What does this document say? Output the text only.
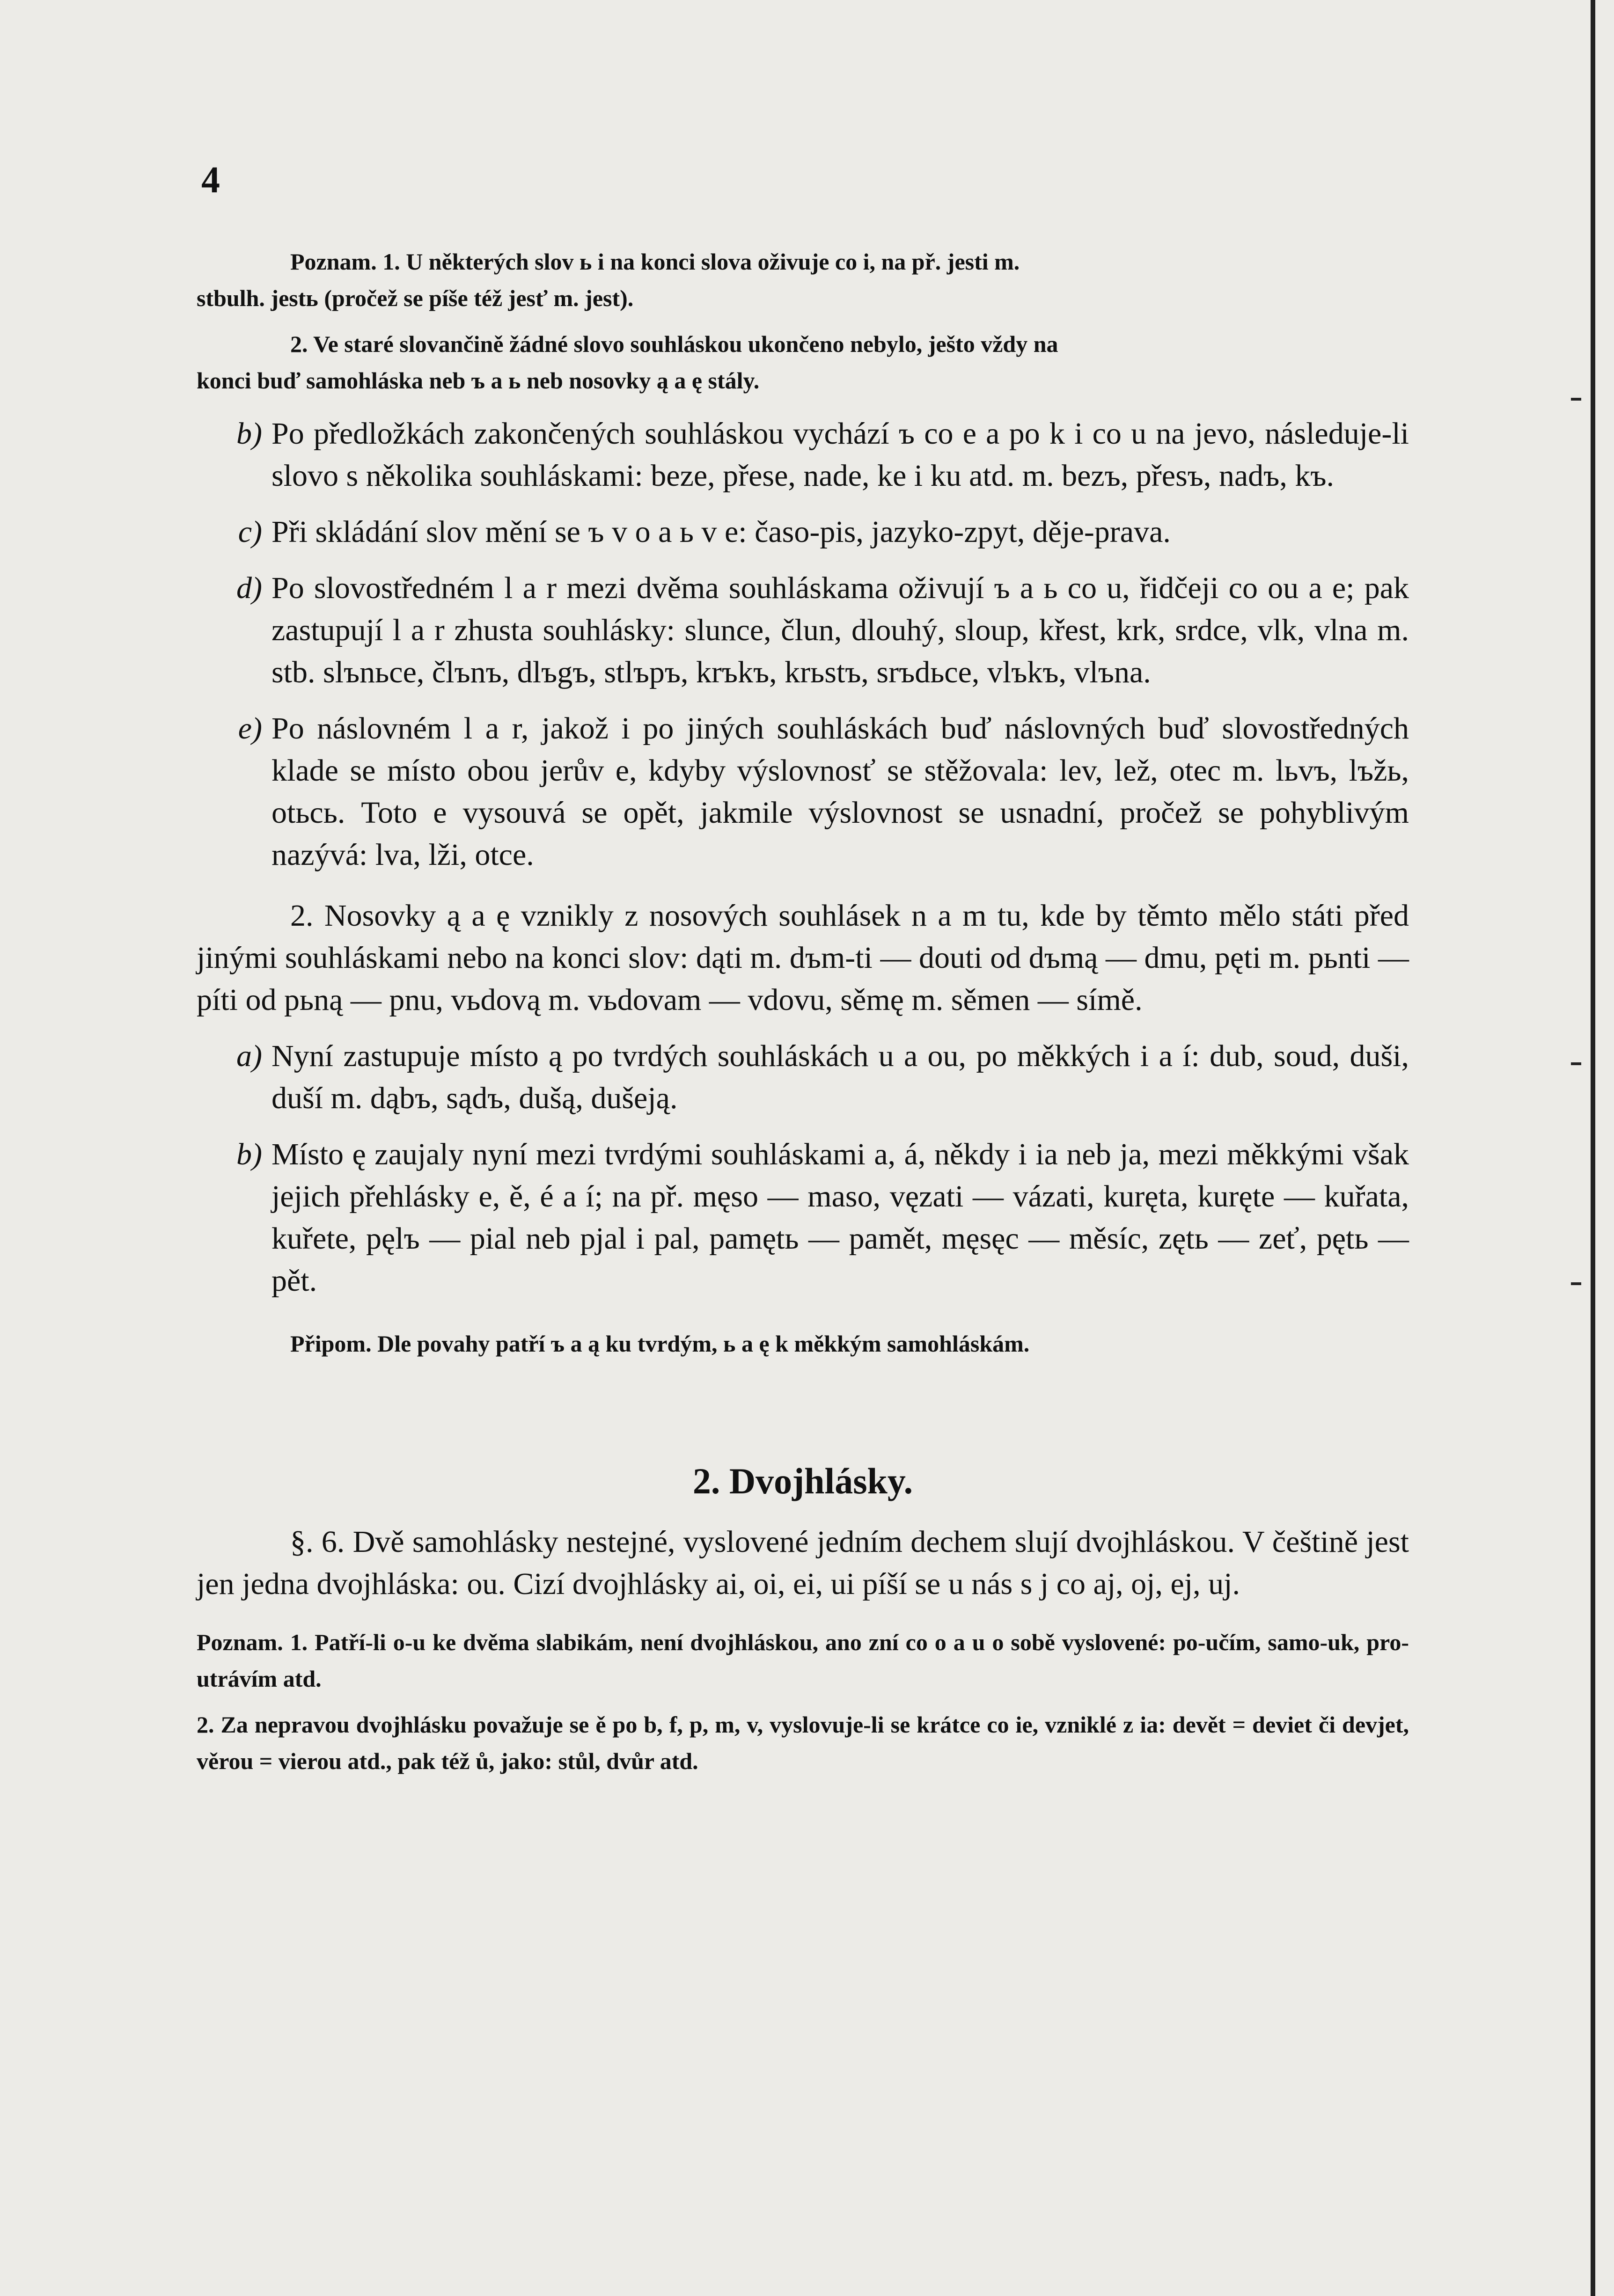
4
Poznam. 1. U některých slov ь i na konci slova oživuje co i, na př. jesti m.
stbulh. jestь (pročež se píše též jesť m. jest).
2. Ve staré slovančině žádné slovo souhláskou ukončeno nebylo, ješto vždy na
konci buď samohláska neb ъ a ь neb nosovky ą a ę stály.
b) Po předložkách zakončených souhláskou vychází ъ co e a po k i co u na jevo, následuje-li slovo s několika souhláskami: beze, přese, nade, ke i ku atd. m. bezъ, přesъ, nadъ, kъ.
c) Při skládání slov mění se ъ v o a ь v e: časo-pis, jazyko-zpyt, děje-prava.
d) Po slovostředném l a r mezi dvěma souhláskama oživují ъ a ь co u, řidčeji co ou a e; pak zastupují l a r zhusta souhlásky: slunce, člun, dlouhý, sloup, křest, krk, srdce, vlk, vlna m. stb. slъnьce, člъnъ, dlъgъ, stlъpъ, krъkъ, krьstъ, srъdьce, vlъkъ, vlъna.
e) Po náslovném l a r, jakož i po jiných souhláskách buď náslovných buď slovostředných klade se místo obou jerův e, kdyby výslovnosť se stěžovala: lev, lež, otec m. lьvъ, lъžь, otьcь. Toto e vysouvá se opět, jakmile výslovnost se usnadní, pročež se pohyblivým nazývá: lva, lži, otce.
2. Nosovky ą a ę vznikly z nosových souhlásek n a m tu, kde by těmto mělo státi před jinými souhláskami nebo na konci slov: dąti m. dъm-ti — douti od dъmą — dmu, pęti m. pьnti — píti od pьną — pnu, vьdovą m. vьdovam — vdovu, sěmę m. sěmen — símě.
a) Nyní zastupuje místo ą po tvrdých souhláskách u a ou, po měkkých i a í: dub, soud, duši, duší m. dąbъ, sądъ, dušą, dušeją.
b) Místo ę zaujaly nyní mezi tvrdými souhláskami a, á, někdy i ia neb ja, mezi měkkými však jejich přehlásky e, ě, é a í; na př. męso — maso, vęzati — vázati, kuręta, kuręte — kuřata, kuřete, pęlъ — pial neb pjal i pal, pamętь — pamět, męsęc — měsíc, zętь — zeť, pętь — pět.
Připom. Dle povahy patří ъ a ą ku tvrdým, ь a ę k měkkým samohláskám.
2. Dvojhlásky.
§. 6. Dvě samohlásky nestejné, vyslovené jedním dechem slují dvojhláskou. V češtině jest jen jedna dvojhláska: ou. Cizí dvojhlásky ai, oi, ei, ui píší se u nás s j co aj, oj, ej, uj.
Poznam. 1. Patří-li o-u ke dvěma slabikám, není dvojhláskou, ano zní co o a u o sobě vyslovené: po-učím, samo-uk, pro-utrávím atd.
2. Za nepravou dvojhlásku považuje se ě po b, f, p, m, v, vyslovuje-li se krátce co ie, vzniklé z ia: devět = deviet či devjet, věrou = vierou atd., pak též ů, jako: stůl, dvůr atd.
